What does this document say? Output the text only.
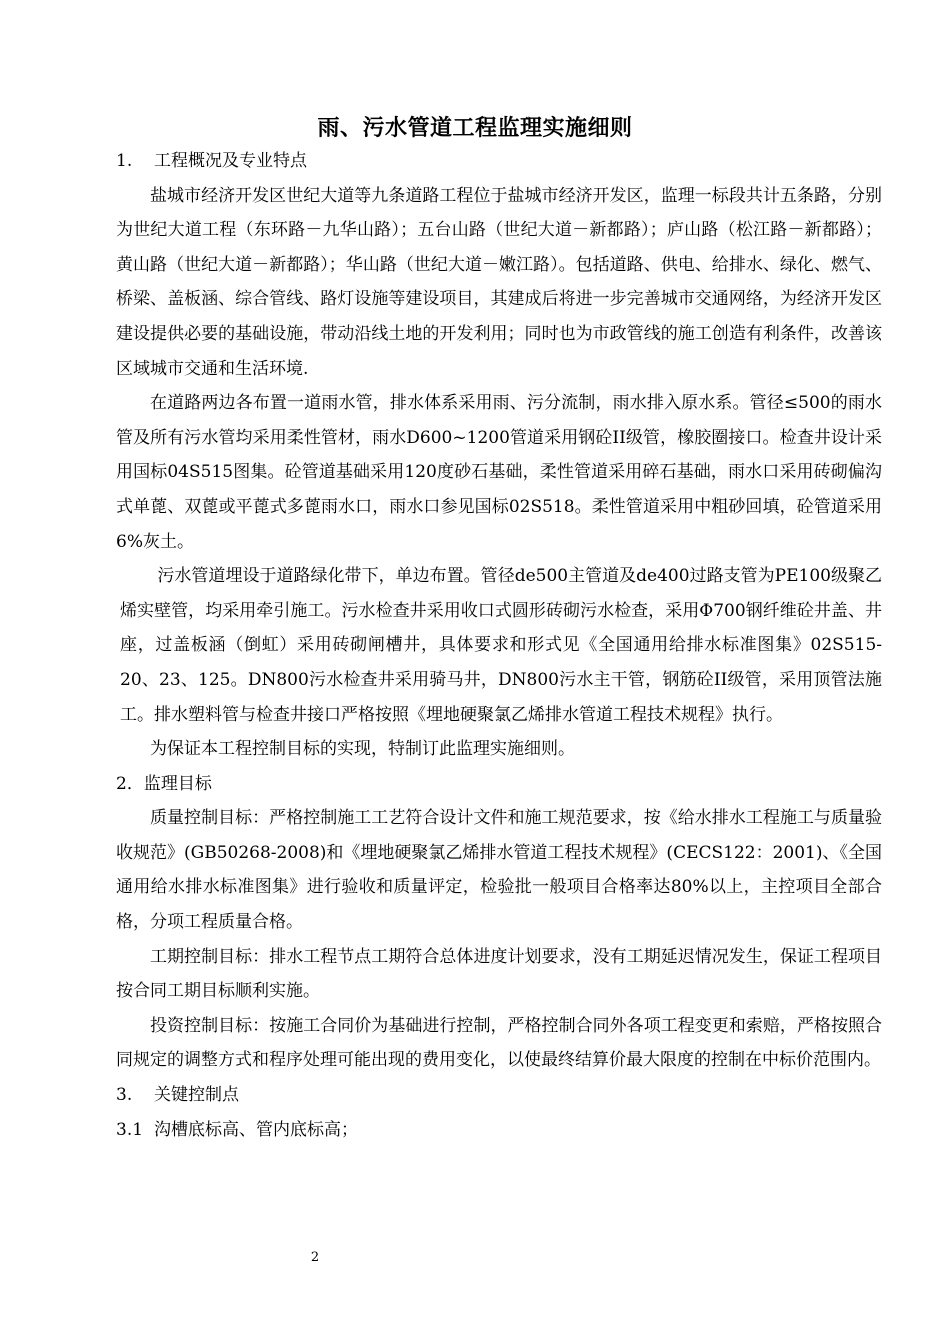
雨、污水管道工程监理实施细则

1. 工程概况及专业特点

盐城市经济开发区世纪大道等九条道路工程位于盐城市经济开发区，监理一标段共计五条路，分别为世纪大道工程（东环路－九华山路）；五台山路（世纪大道－新都路）；庐山路（松江路－新都路）；黄山路（世纪大道－新都路）；华山路（世纪大道－嫩江路）。包括道路、供电、给排水、绿化、燃气、桥梁、盖板涵、综合管线、路灯设施等建设项目，其建成后将进一步完善城市交通网络，为经济开发区建设提供必要的基础设施，带动沿线土地的开发利用；同时也为市政管线的施工创造有利条件，改善该区域城市交通和生活环境.

在道路两边各布置一道雨水管，排水体系采用雨、污分流制，雨水排入原水系。管径≤500的雨水管及所有污水管均采用柔性管材，雨水D600~1200管道采用钢砼II级管，橡胶圈接口。检查井设计采用国标04S515图集。砼管道基础采用120度砂石基础，柔性管道采用碎石基础，雨水口采用砖砌偏沟式单蓖、双蓖或平蓖式多蓖雨水口，雨水口参见国标02S518。柔性管道采用中粗砂回填，砼管道采用6%灰土。

污水管道埋设于道路绿化带下，单边布置。管径de500主管道及de400过路支管为PE100级聚乙烯实壁管，均采用牵引施工。污水检查井采用收口式圆形砖砌污水检查，采用Φ700钢纤维砼井盖、井座，过盖板涵（倒虹）采用砖砌闸槽井，具体要求和形式见《全国通用给排水标准图集》02S515-20、23、125。DN800污水检查井采用骑马井，DN800污水主干管，钢筋砼II级管，采用顶管法施工。排水塑料管与检查井接口严格按照《埋地硬聚氯乙烯排水管道工程技术规程》执行。

为保证本工程控制目标的实现，特制订此监理实施细则。

2．监理目标

质量控制目标：严格控制施工工艺符合设计文件和施工规范要求，按《给水排水工程施工与质量验收规范》(GB50268-2008)和《埋地硬聚氯乙烯排水管道工程技术规程》(CECS122：2001)、《全国通用给水排水标准图集》进行验收和质量评定，检验批一般项目合格率达80%以上，主控项目全部合格，分项工程质量合格。

工期控制目标：排水工程节点工期符合总体进度计划要求，没有工期延迟情况发生，保证工程项目按合同工期目标顺利实施。

投资控制目标：按施工合同价为基础进行控制，严格控制合同外各项工程变更和索赔，严格按照合同规定的调整方式和程序处理可能出现的费用变化，以使最终结算价最大限度的控制在中标价范围内。

3. 关键控制点

3.1 沟槽底标高、管内底标高；

2
